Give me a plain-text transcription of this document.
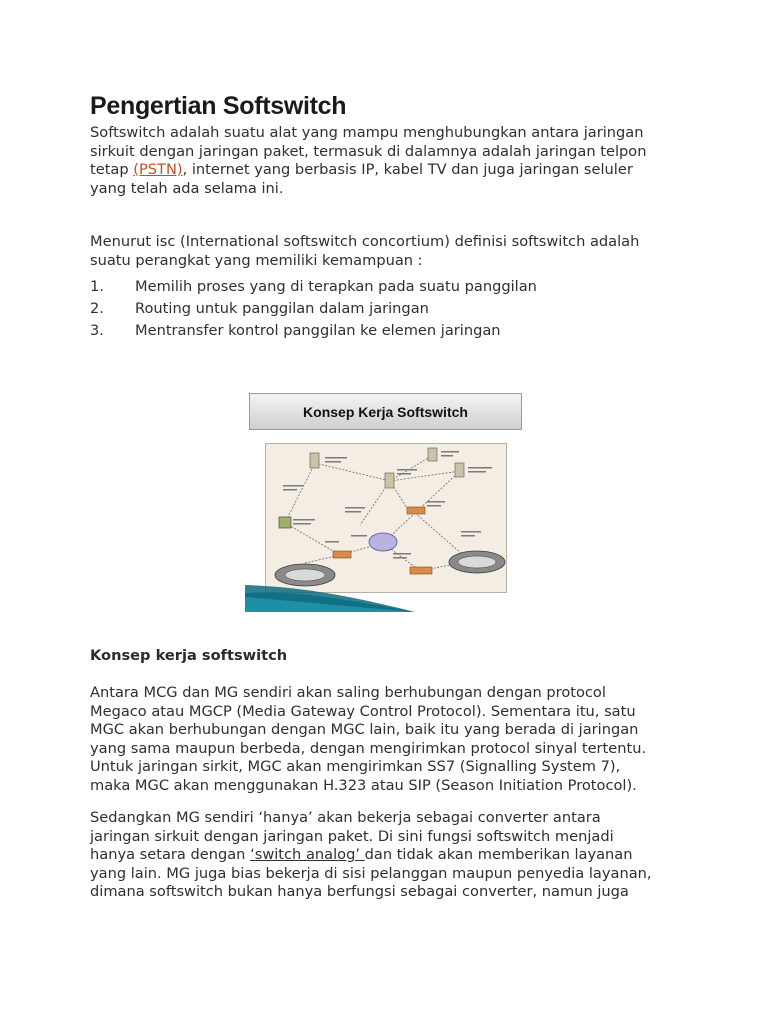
Pengertian Softswitch
Softswitch adalah suatu alat yang mampu menghubungkan antara jaringan
sirkuit dengan jaringan paket, termasuk di dalamnya adalah jaringan telpon
tetap (PSTN), internet yang berbasis IP, kabel TV dan juga jaringan seluler
yang telah ada selama ini.
Menurut isc (International softswitch concortium) definisi softswitch adalah
suatu perangkat yang memiliki kemampuan :
1. Memilih proses yang di terapkan pada suatu panggilan
2. Routing untuk panggilan dalam jaringan
3. Mentransfer kontrol panggilan ke elemen jaringan
Konsep kerja softswitch
Antara MCG dan MG sendiri akan saling berhubungan dengan protocol
Megaco atau MGCP (Media Gateway Control Protocol). Sementara itu, satu
MGC akan berhubungan dengan MGC lain, baik itu yang berada di jaringan
yang sama maupun berbeda, dengan mengirimkan protocol sinyal tertentu.
Untuk jaringan sirkit, MGC akan mengirimkan SS7 (Signalling System 7),
maka MGC akan menggunakan H.323 atau SIP (Season Initiation Protocol).
Sedangkan MG sendiri ‘hanya’ akan bekerja sebagai converter antara
jaringan sirkuit dengan jaringan paket. Di sini fungsi softswitch menjadi
hanya setara dengan ‘switch analog’ dan tidak akan memberikan layanan
yang lain. MG juga bias bekerja di sisi pelanggan maupun penyedia layanan,
dimana softswitch bukan hanya berfungsi sebagai converter, namun juga
Konsep Kerja Softswitch
